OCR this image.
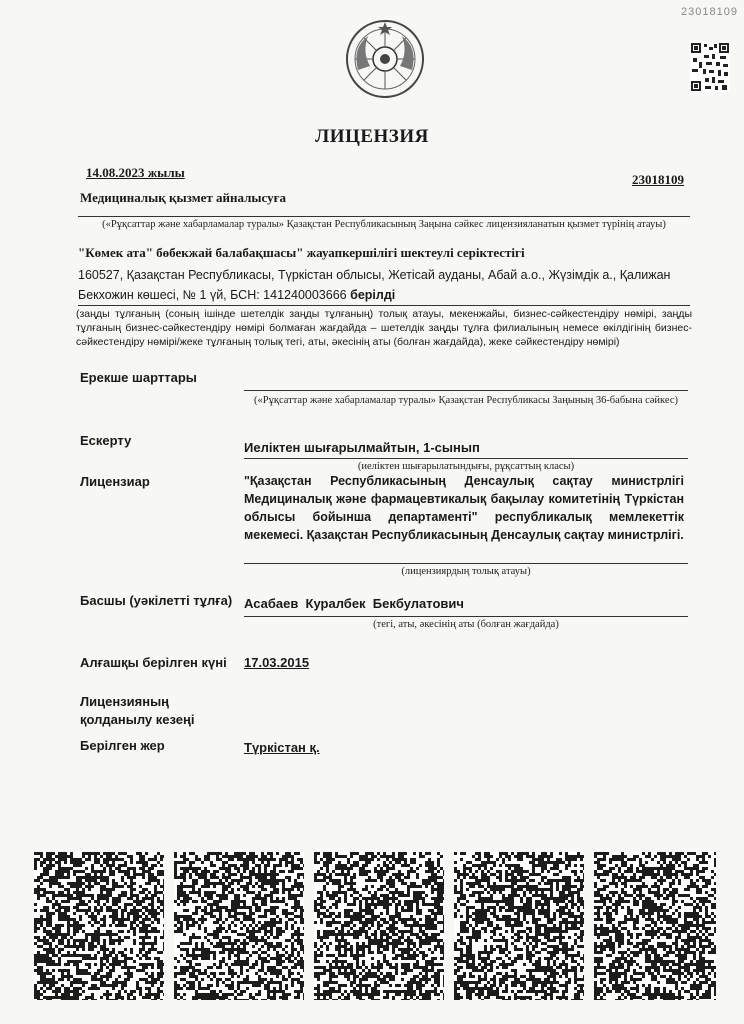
23018109
ЛИЦЕНЗИЯ
14.08.2023 жылы	23018109
Медициналық қызмет айналысуға
(«Рұқсаттар және хабарламалар туралы» Қазақстан Республикасының Заңына сәйкес лицензияланатын қызмет түрінің атауы)
"Көмек ата" бөбекжай балабақшасы" жауапкершілігі шектеулі серіктестігі
160527, Қазақстан Республикасы, Түркістан облысы, Жетісай ауданы, Абай а.о., Жүзімдік а., Қалижан Бекхожин көшесі, № 1 үй, БСН: 141240003666 берілді
(заңды тұлғаның (соның ішінде шетелдік заңды тұлғаның) толық атауы, мекенжайы, бизнес-сәйкестендіру нөмірі, заңды тұлғаның бизнес-сәйкестендіру нөмірі болмаған жағдайда – шетелдік заңды тұлға филиалының немесе өкілдігінің бизнес-сәйкестендіру нөмірі/жеке тұлғаның толық тегі, аты, әкесінің аты (болған жағдайда), жеке сәйкестендіру нөмірі)
Ерекше шарттары
(«Рұқсаттар және хабарламалар туралы» Қазақстан Республикасы Заңының 36-бабына сәйкес)
Ескерту	Иеліктен шығарылмайтын, 1-сынып
(иеліктен шығарылатындығы, рұқсаттың класы)
Лицензиар	"Қазақстан Республикасының Денсаулық сақтау министрлігі Медициналық және фармацевтикалық бақылау комитетінің Түркістан облысы бойынша департаменті" республикалық мемлекеттік мекемесі. Қазақстан Республикасының Денсаулық сақтау министрлігі.
(лицензиярдың толық атауы)
Басшы (уәкілетті тұлға) Асабаев  Куралбек  Бекбулатович
(тегі, аты, әкесінің аты (болған жағдайда)
Алғашқы берілген күні 17.03.2015
Лицензияның
қолданылу кезеңі
Берілген жер	Түркістан қ.
